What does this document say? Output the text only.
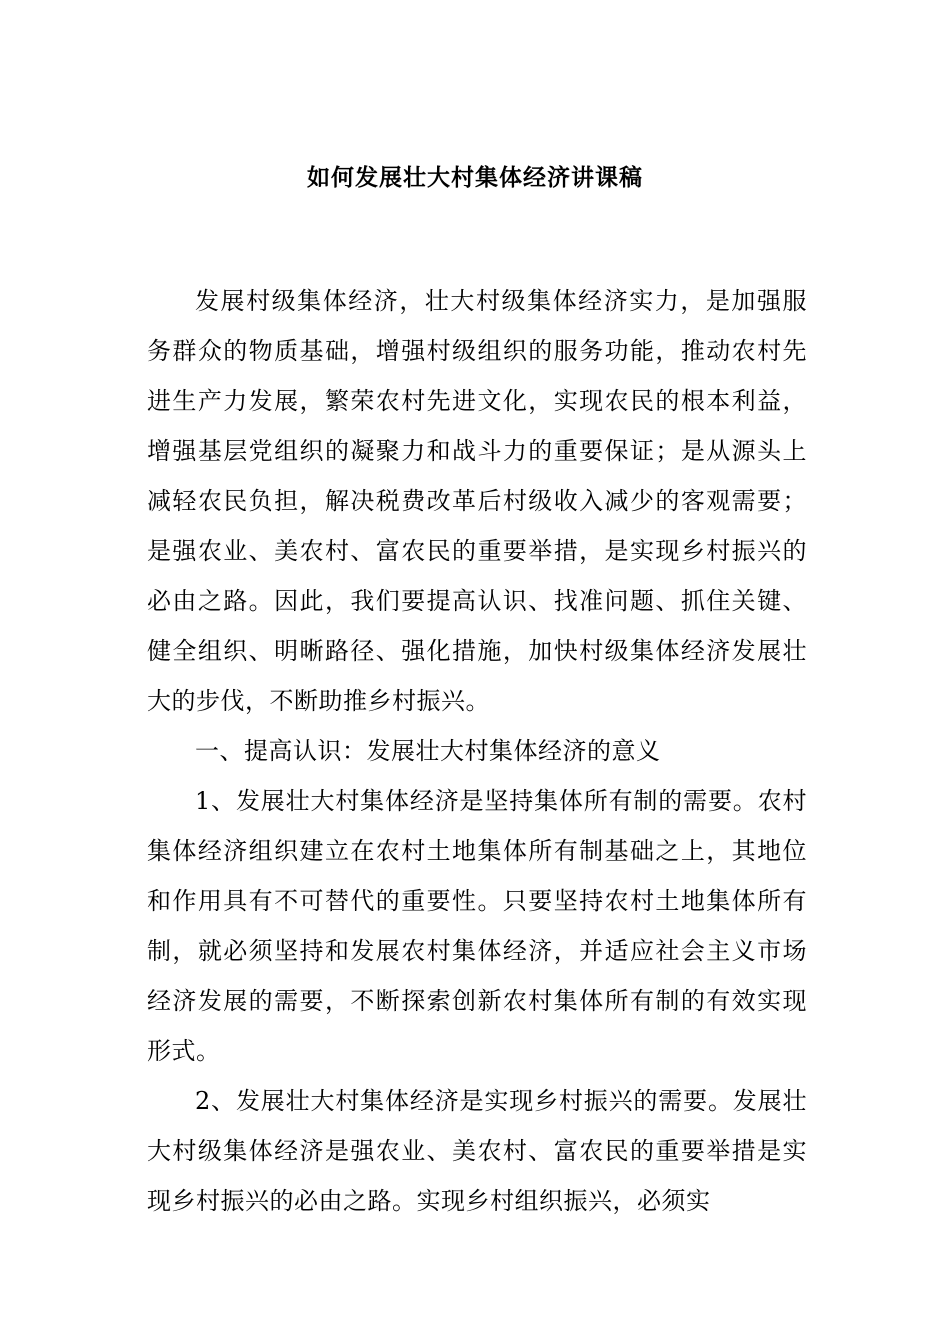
如何发展壮大村集体经济讲课稿

发展村级集体经济，壮大村级集体经济实力，是加强服务群众的物质基础，增强村级组织的服务功能，推动农村先进生产力发展，繁荣农村先进文化，实现农民的根本利益，增强基层党组织的凝聚力和战斗力的重要保证；是从源头上减轻农民负担，解决税费改革后村级收入减少的客观需要；是强农业、美农村、富农民的重要举措，是实现乡村振兴的必由之路。因此，我们要提高认识、找准问题、抓住关键、健全组织、明晰路径、强化措施，加快村级集体经济发展壮大的步伐，不断助推乡村振兴。

一、提高认识：发展壮大村集体经济的意义

1、发展壮大村集体经济是坚持集体所有制的需要。农村集体经济组织建立在农村土地集体所有制基础之上，其地位和作用具有不可替代的重要性。只要坚持农村土地集体所有制，就必须坚持和发展农村集体经济，并适应社会主义市场经济发展的需要，不断探索创新农村集体所有制的有效实现形式。

2、发展壮大村集体经济是实现乡村振兴的需要。发展壮大村级集体经济是强农业、美农村、富农民的重要举措是实现乡村振兴的必由之路。实现乡村组织振兴，必须实
